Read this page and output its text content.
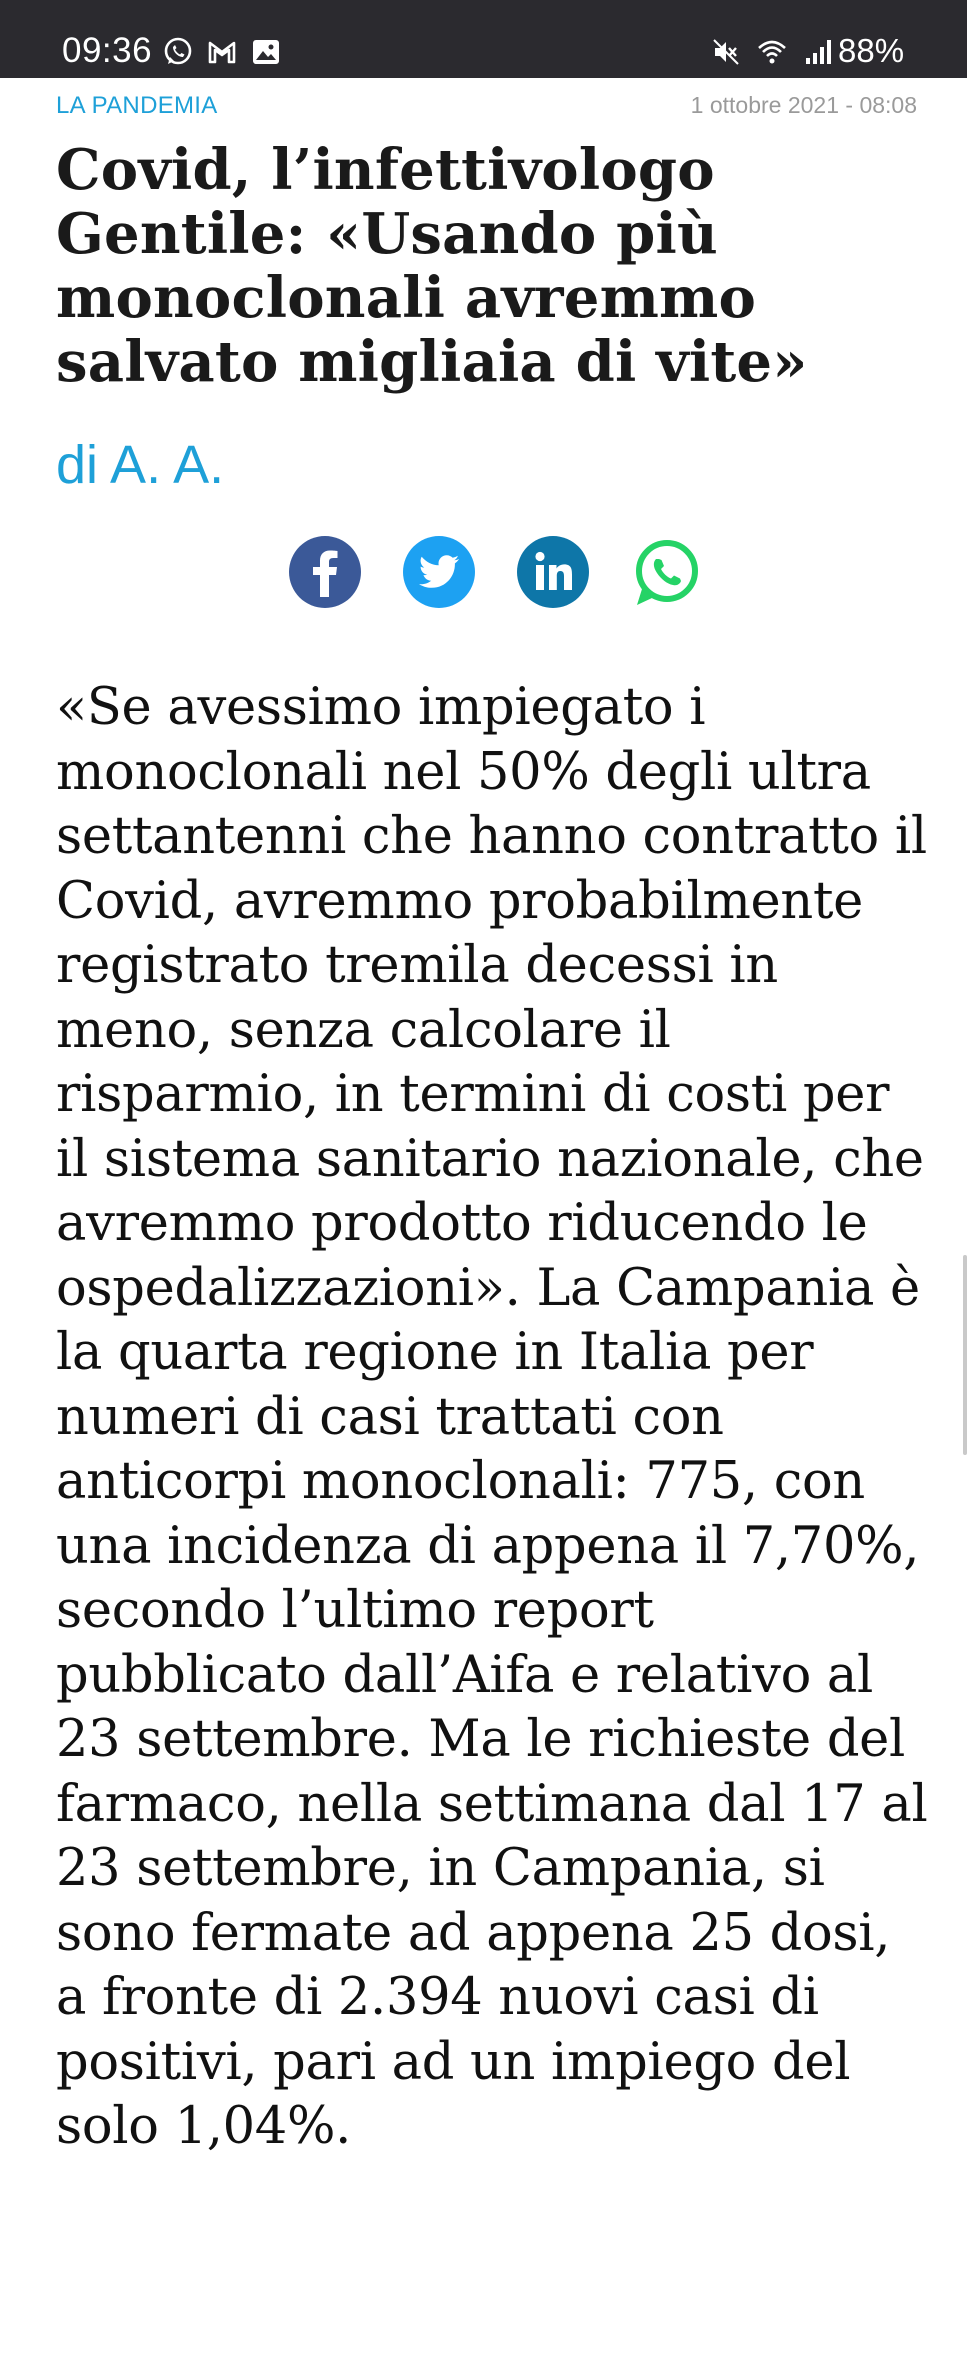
09:36	88%
LA PANDEMIA	1 ottobre 2021 - 08:08
Covid, l’infettivologo Gentile: «Usando più monoclonali avremmo salvato migliaia di vite»
di A. A.

«Se avessimo impiegato i monoclonali nel 50% degli ultra settantenni che hanno contratto il Covid, avremmo probabilmente registrato tremila decessi in meno, senza calcolare il risparmio, in termini di costi per il sistema sanitario nazionale, che avremmo prodotto riducendo le ospedalizzazioni». La Campania è la quarta regione in Italia per numeri di casi trattati con anticorpi monoclonali: 775, con una incidenza di appena il 7,70%, secondo l’ultimo report pubblicato dall’Aifa e relativo al 23 settembre. Ma le richieste del farmaco, nella settimana dal 17 al 23 settembre, in Campania, si sono fermate ad appena 25 dosi, a fronte di 2.394 nuovi casi di positivi, pari ad un impiego del solo 1,04%.
